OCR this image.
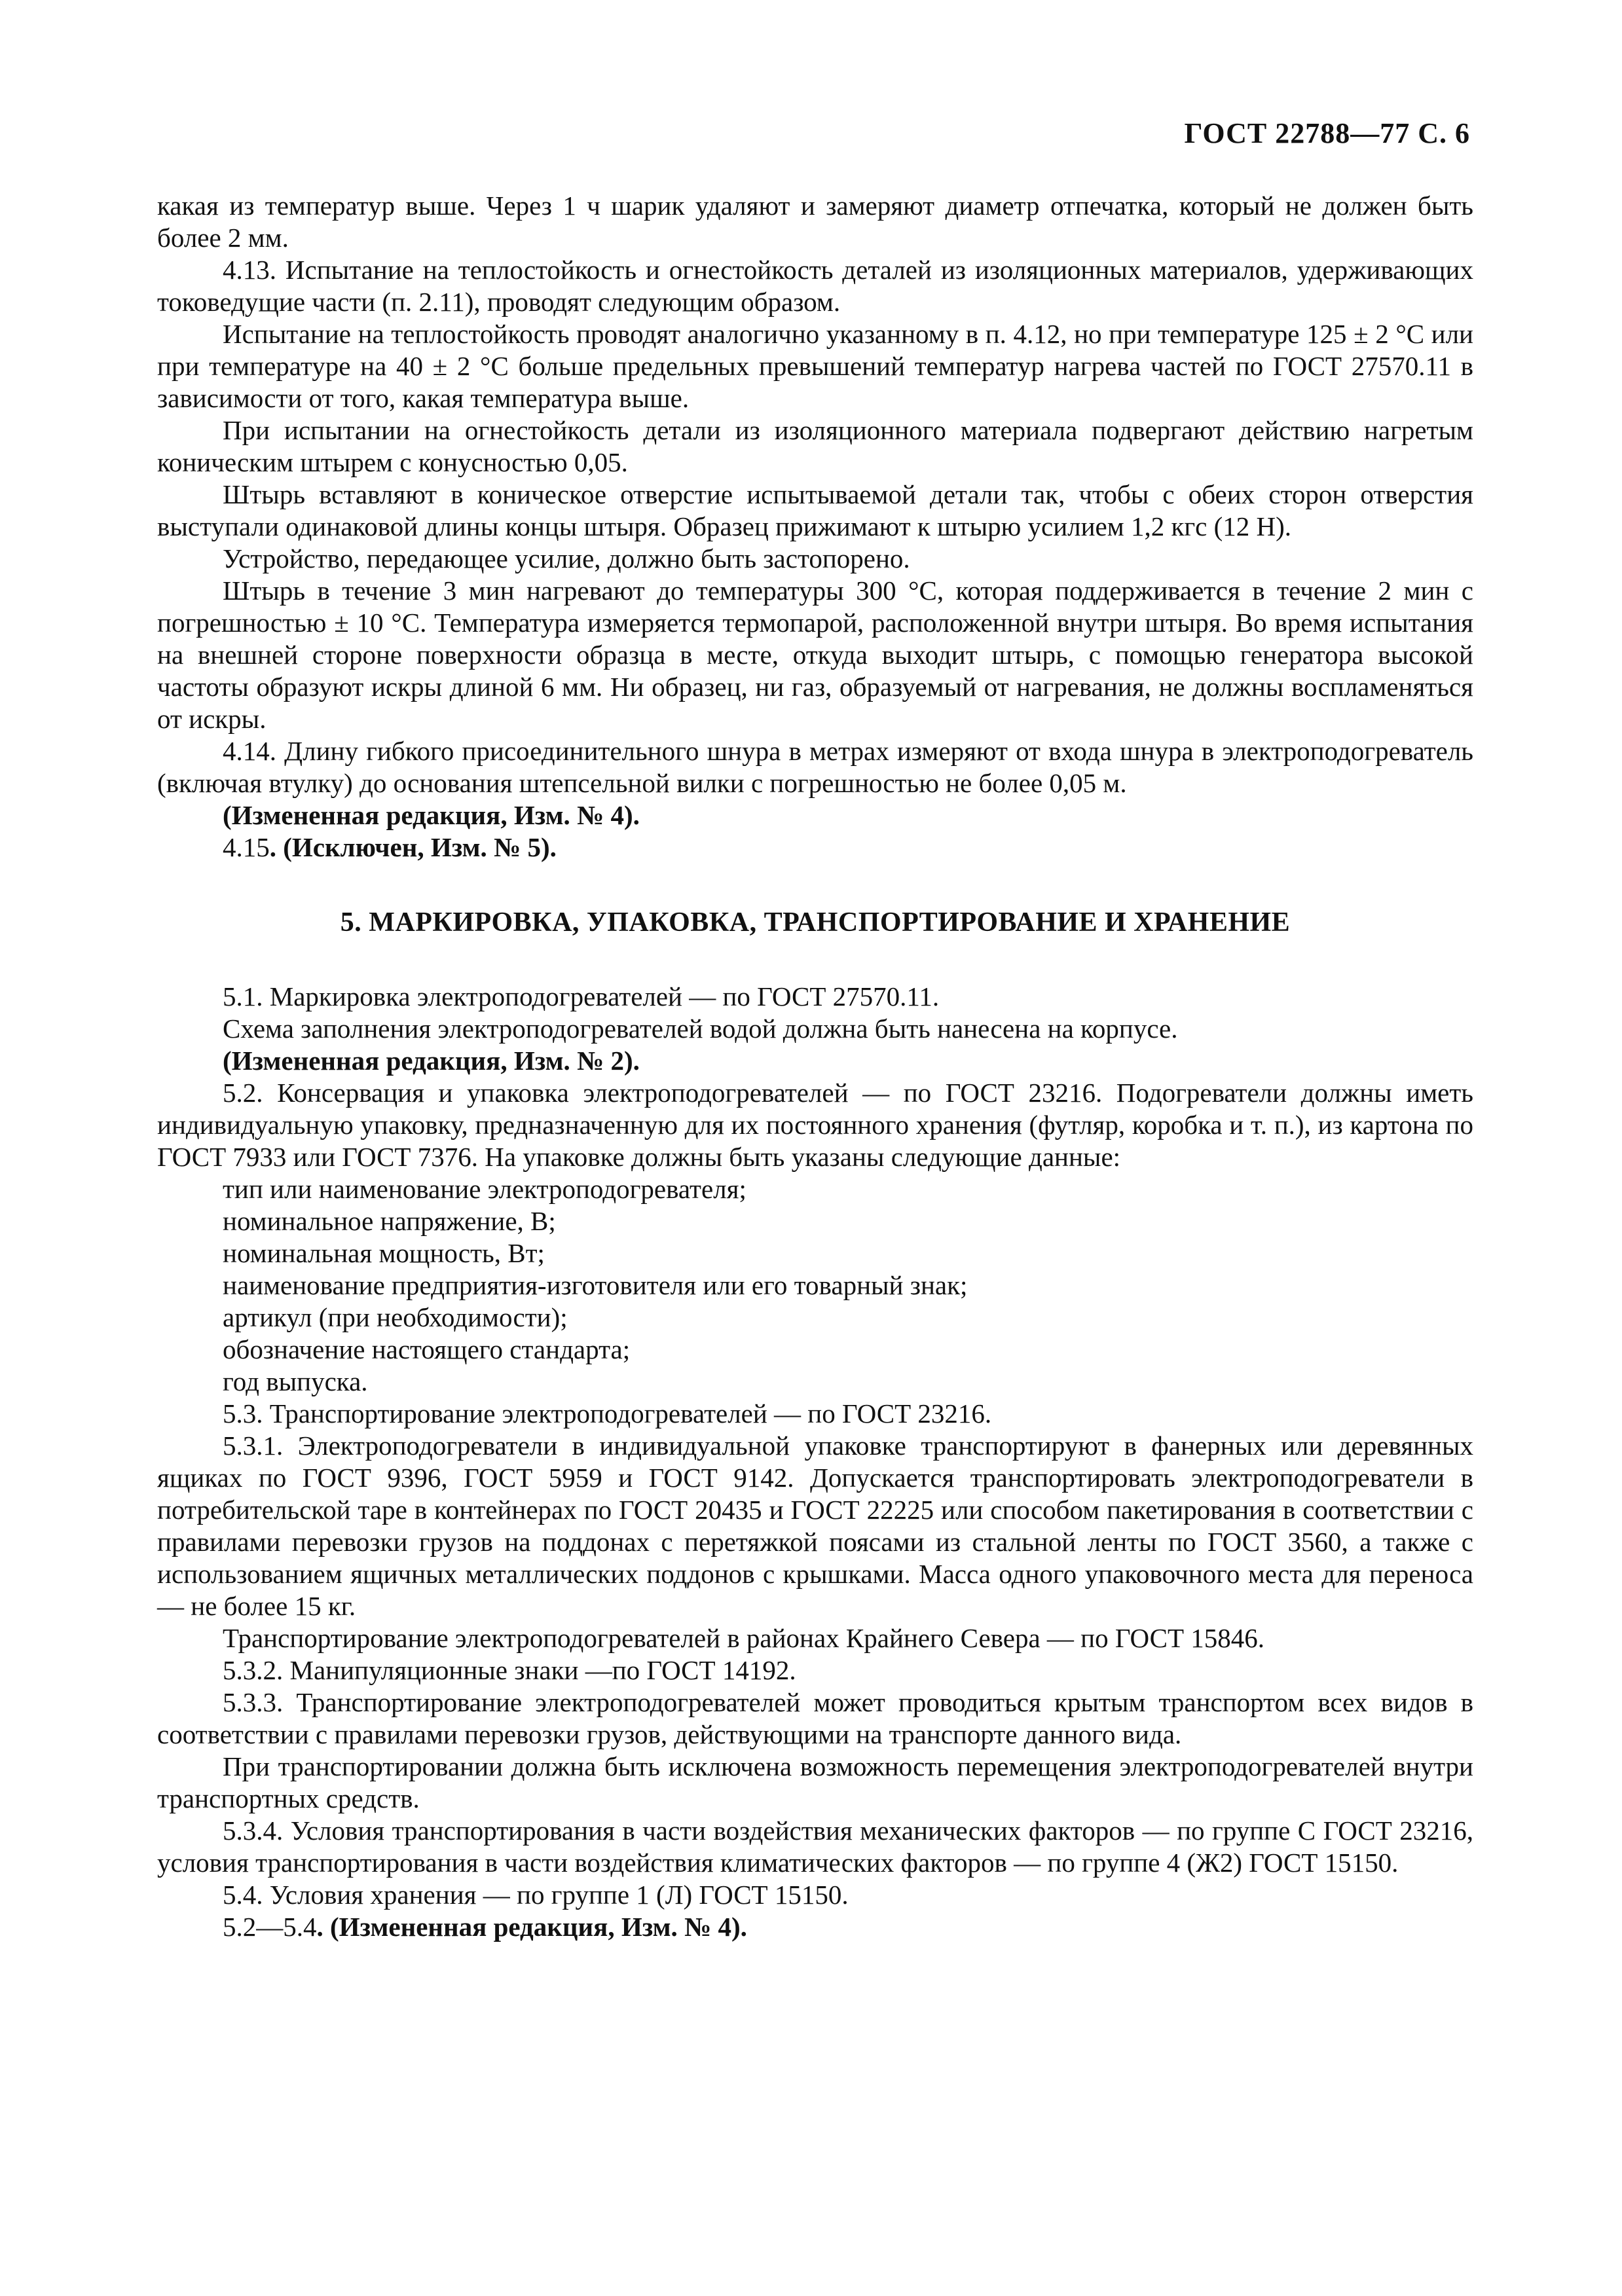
ГОСТ 22788—77 С. 6

какая из температур выше. Через 1 ч шарик удаляют и замеряют диаметр отпечатка, который не должен быть более 2 мм.

4.13. Испытание на теплостойкость и огнестойкость деталей из изоляционных материалов, удерживающих токоведущие части (п. 2.11), проводят следующим образом.

Испытание на теплостойкость проводят аналогично указанному в п. 4.12, но при температуре 125 ± 2 °С или при температуре на 40 ± 2 °С больше предельных превышений температур нагрева частей по ГОСТ 27570.11 в зависимости от того, какая температура выше.

При испытании на огнестойкость детали из изоляционного материала подвергают действию нагретым коническим штырем с конусностью 0,05.

Штырь вставляют в коническое отверстие испытываемой детали так, чтобы с обеих сторон отверстия выступали одинаковой длины концы штыря. Образец прижимают к штырю усилием 1,2 кгс (12 Н).

Устройство, передающее усилие, должно быть застопорено.

Штырь в течение 3 мин нагревают до температуры 300 °С, которая поддерживается в течение 2 мин с погрешностью ± 10 °С. Температура измеряется термопарой, расположенной внутри штыря. Во время испытания на внешней стороне поверхности образца в месте, откуда выходит штырь, с помощью генератора высокой частоты образуют искры длиной 6 мм. Ни образец, ни газ, образуемый от нагревания, не должны воспламеняться от искры.

4.14. Длину гибкого присоединительного шнура в метрах измеряют от входа шнура в электроподогреватель (включая втулку) до основания штепсельной вилки с погрешностью не более 0,05 м.

(Измененная редакция, Изм. № 4).

4.15. (Исключен, Изм. № 5).

5. МАРКИРОВКА, УПАКОВКА, ТРАНСПОРТИРОВАНИЕ И ХРАНЕНИЕ

5.1. Маркировка электроподогревателей — по ГОСТ 27570.11.

Схема заполнения электроподогревателей водой должна быть нанесена на корпусе.

(Измененная редакция, Изм. № 2).

5.2. Консервация и упаковка электроподогревателей — по ГОСТ 23216. Подогреватели должны иметь индивидуальную упаковку, предназначенную для их постоянного хранения (футляр, коробка и т. п.), из картона по ГОСТ 7933 или ГОСТ 7376. На упаковке должны быть указаны следующие данные:

тип или наименование электроподогревателя;

номинальное напряжение, В;

номинальная мощность, Вт;

наименование предприятия-изготовителя или его товарный знак;

артикул (при необходимости);

обозначение настоящего стандарта;

год выпуска.

5.3. Транспортирование электроподогревателей — по ГОСТ 23216.

5.3.1. Электроподогреватели в индивидуальной упаковке транспортируют в фанерных или деревянных ящиках по ГОСТ 9396, ГОСТ 5959 и ГОСТ 9142. Допускается транспортировать электроподогреватели в потребительской таре в контейнерах по ГОСТ 20435 и ГОСТ 22225 или способом пакетирования в соответствии с правилами перевозки грузов на поддонах с перетяжкой поясами из стальной ленты по ГОСТ 3560, а также с использованием ящичных металлических поддонов с крышками. Масса одного упаковочного места для переноса — не более 15 кг.

Транспортирование электроподогревателей в районах Крайнего Севера — по ГОСТ 15846.

5.3.2. Манипуляционные знаки —по ГОСТ 14192.

5.3.3. Транспортирование электроподогревателей может проводиться крытым транспортом всех видов в соответствии с правилами перевозки грузов, действующими на транспорте данного вида.

При транспортировании должна быть исключена возможность перемещения электроподогревателей внутри транспортных средств.

5.3.4. Условия транспортирования в части воздействия механических факторов — по группе С ГОСТ 23216, условия транспортирования в части воздействия климатических факторов — по группе 4 (Ж2) ГОСТ 15150.

5.4. Условия хранения — по группе 1 (Л) ГОСТ 15150.

5.2—5.4. (Измененная редакция, Изм. № 4).
